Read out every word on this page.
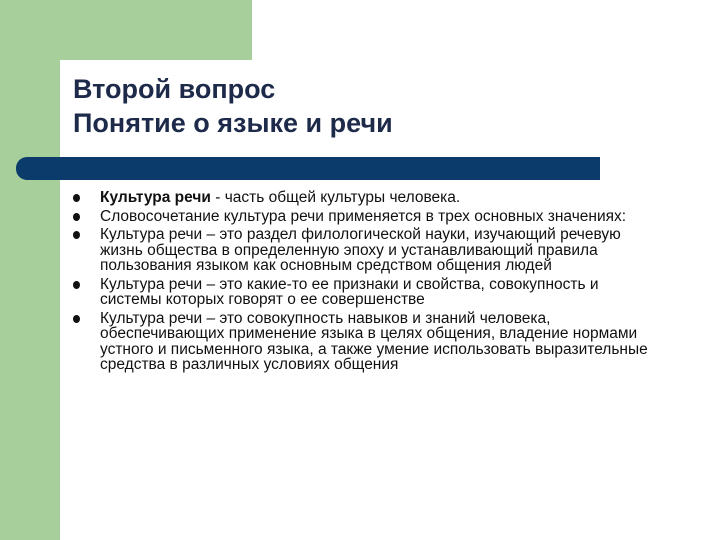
Второй вопрос
Понятие о языке и речи
Культура речи - часть общей культуры человека.
Словосочетание культура речи применяется в трех основных значениях:
Культура речи – это раздел филологической науки, изучающий речевую жизнь общества в определенную эпоху и устанавливающий правила пользования языком как основным средством общения людей
Культура речи – это какие-то ее признаки и свойства, совокупность и системы которых говорят о ее совершенстве
Культура речи – это совокупность навыков и знаний человека, обеспечивающих применение языка в целях общения, владение нормами устного и письменного языка, а также умение использовать выразительные средства в различных условиях общения
